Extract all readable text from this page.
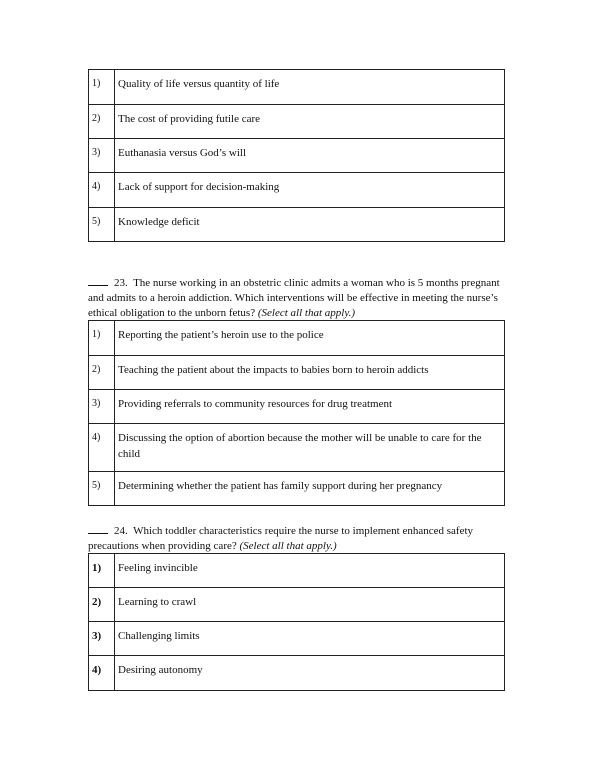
1)	Quality of life versus quantity of life
2)	The cost of providing futile care
3)	Euthanasia versus God’s will
4)	Lack of support for decision-making
5)	Knowledge deficit
23. The nurse working in an obstetric clinic admits a woman who is 5 months pregnant and admits to a heroin addiction. Which interventions will be effective in meeting the nurse’s ethical obligation to the unborn fetus? (Select all that apply.)
1)	Reporting the patient’s heroin use to the police
2)	Teaching the patient about the impacts to babies born to heroin addicts
3)	Providing referrals to community resources for drug treatment
4)	Discussing the option of abortion because the mother will be unable to care for the child
5)	Determining whether the patient has family support during her pregnancy
24. Which toddler characteristics require the nurse to implement enhanced safety precautions when providing care? (Select all that apply.)
1)	Feeling invincible
2)	Learning to crawl
3)	Challenging limits
4)	Desiring autonomy
